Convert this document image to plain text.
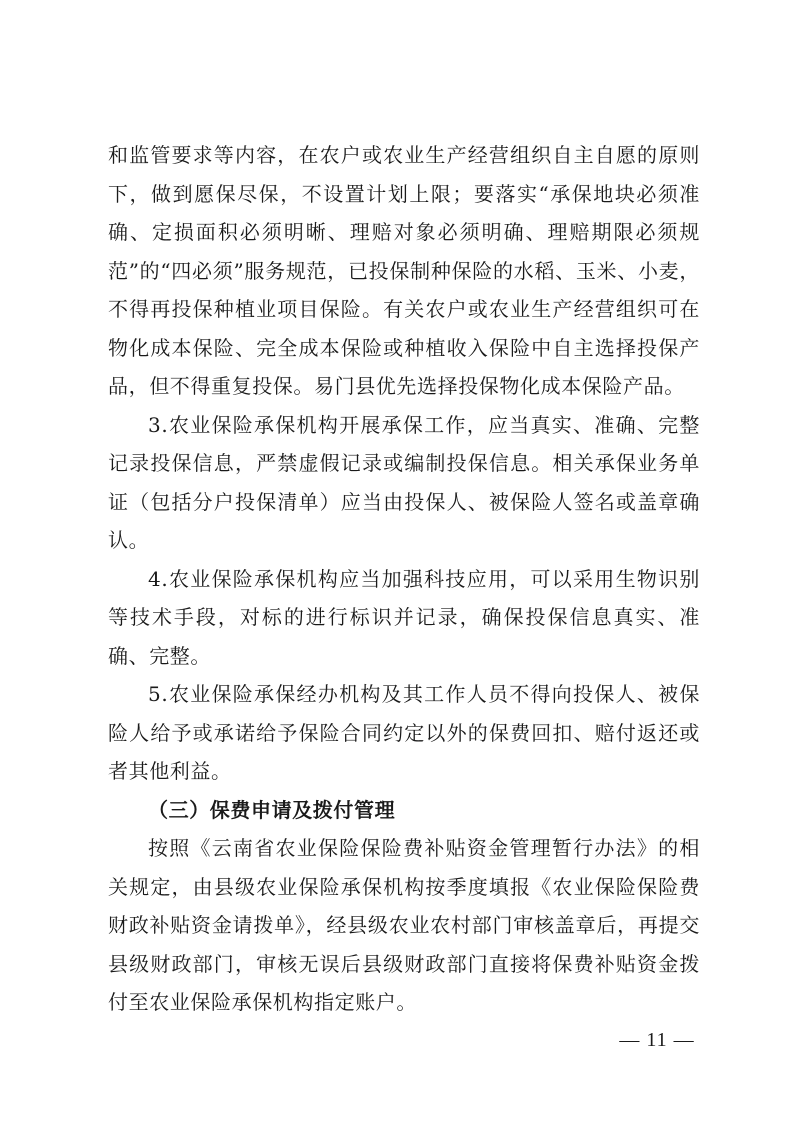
和监管要求等内容，在农户或农业生产经营组织自主自愿的原则下，做到愿保尽保，不设置计划上限；要落实“承保地块必须准确、定损面积必须明晰、理赔对象必须明确、理赔期限必须规范”的“四必须”服务规范，已投保制种保险的水稻、玉米、小麦，不得再投保种植业项目保险。有关农户或农业生产经营组织可在物化成本保险、完全成本保险或种植收入保险中自主选择投保产品，但不得重复投保。易门县优先选择投保物化成本保险产品。

3.农业保险承保机构开展承保工作，应当真实、准确、完整记录投保信息，严禁虚假记录或编制投保信息。相关承保业务单证（包括分户投保清单）应当由投保人、被保险人签名或盖章确认。

4.农业保险承保机构应当加强科技应用，可以采用生物识别等技术手段，对标的进行标识并记录，确保投保信息真实、准确、完整。

5.农业保险承保经办机构及其工作人员不得向投保人、被保险人给予或承诺给予保险合同约定以外的保费回扣、赔付返还或者其他利益。

（三）保费申请及拨付管理

按照《云南省农业保险保险费补贴资金管理暂行办法》的相关规定，由县级农业保险承保机构按季度填报《农业保险保险费财政补贴资金请拨单》，经县级农业农村部门审核盖章后，再提交县级财政部门，审核无误后县级财政部门直接将保费补贴资金拨付至农业保险承保机构指定账户。

— 11 —
